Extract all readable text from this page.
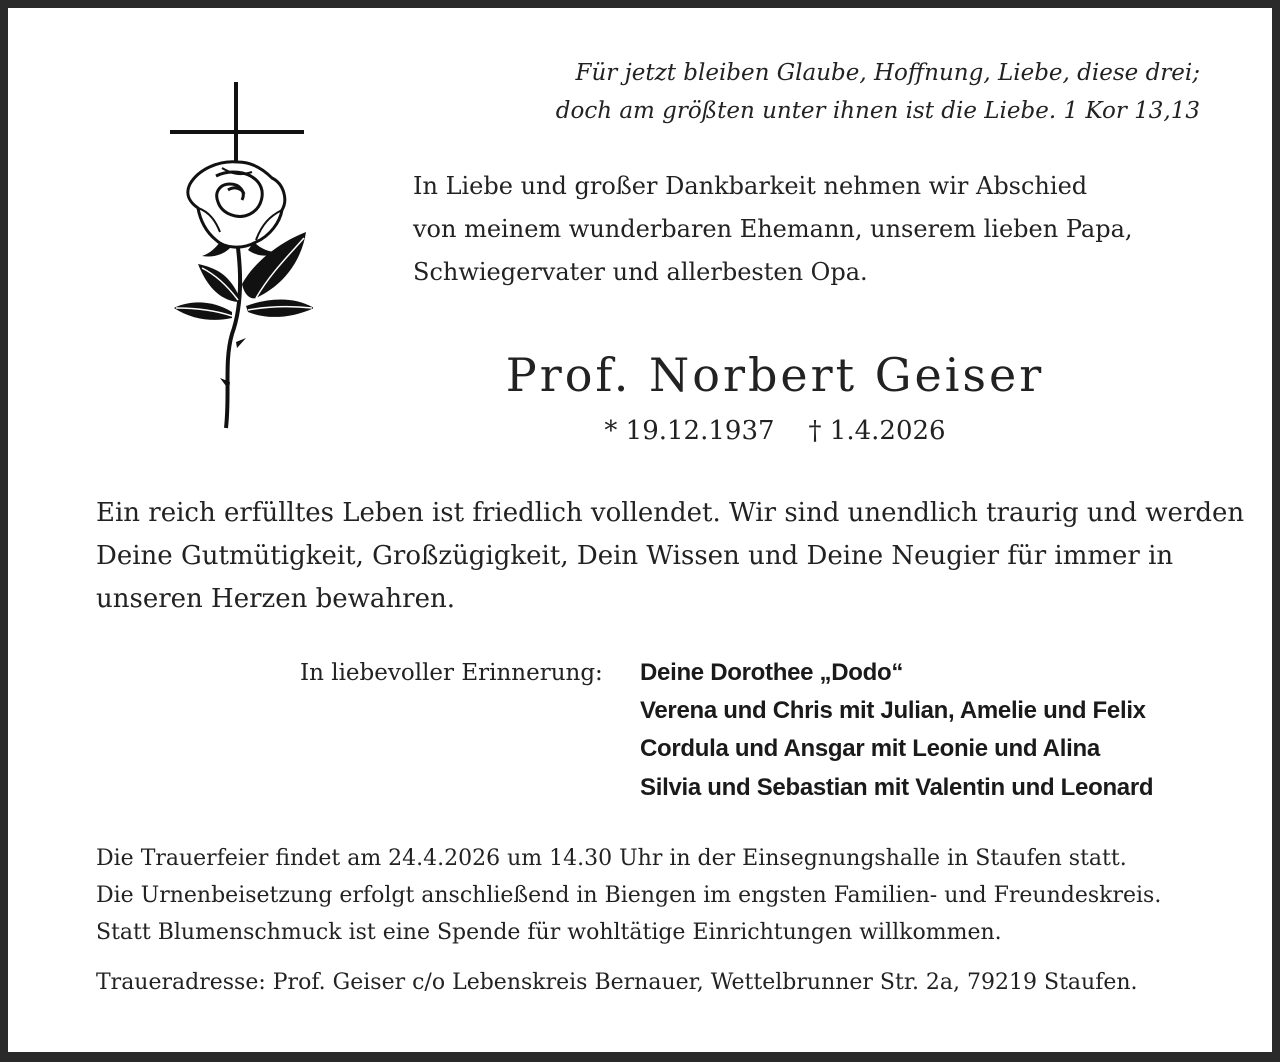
Für jetzt bleiben Glaube, Hoffnung, Liebe, diese drei;
doch am größten unter ihnen ist die Liebe. 1 Kor 13,13
In Liebe und großer Dankbarkeit nehmen wir Abschied
von meinem wunderbaren Ehemann, unserem lieben Papa,
Schwiegervater und allerbesten Opa.
Prof. Norbert Geiser
* 19.12.1937 † 1.4.2026
Ein reich erfülltes Leben ist friedlich vollendet. Wir sind unendlich traurig und werden
Deine Gutmütigkeit, Großzügigkeit, Dein Wissen und Deine Neugier für immer in
unseren Herzen bewahren.
In liebevoller Erinnerung: Deine Dorothee „Dodo“
Verena und Chris mit Julian, Amelie und Felix
Cordula und Ansgar mit Leonie und Alina
Silvia und Sebastian mit Valentin und Leonard
Die Trauerfeier findet am 24.4.2026 um 14.30 Uhr in der Einsegnungshalle in Staufen statt.
Die Urnenbeisetzung erfolgt anschließend in Biengen im engsten Familien- und Freundeskreis.
Statt Blumenschmuck ist eine Spende für wohltätige Einrichtungen willkommen.
Traueradresse: Prof. Geiser c/o Lebenskreis Bernauer, Wettelbrunner Str. 2a, 79219 Staufen.
